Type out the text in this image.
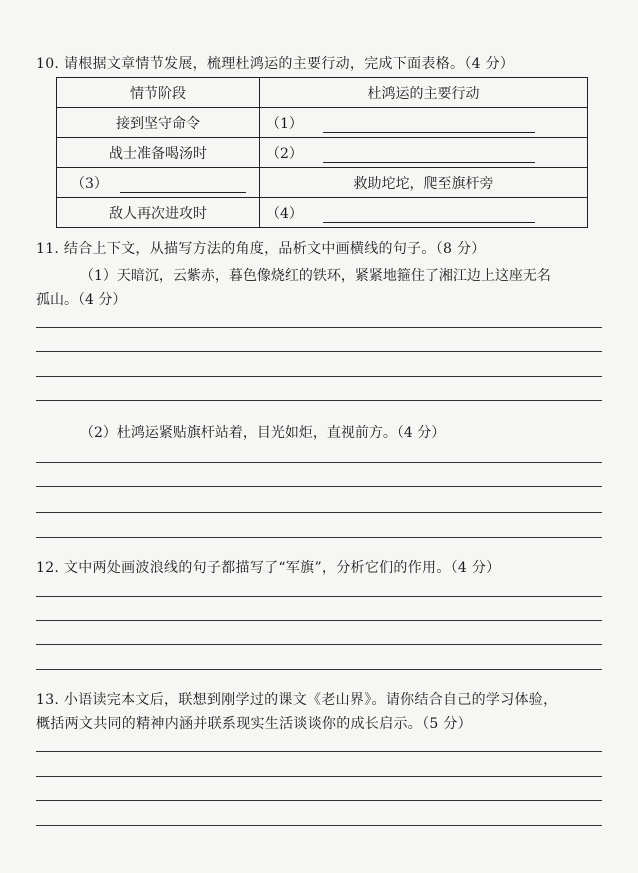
10. 请根据文章情节发展，梳理杜鸿运的主要行动，完成下面表格。（4 分）
情节阶段	杜鸿运的主要行动
接到坚守命令	（1）
战士准备喝汤时	（2）
（3）	救助坨坨，爬至旗杆旁
敌人再次进攻时	（4）
11. 结合上下文，从描写方法的角度，品析文中画横线的句子。（8 分）
（1）天暗沉，云紫赤，暮色像烧红的铁环，紧紧地箍住了湘江边上这座无名
孤山。（4 分）
（2）杜鸿运紧贴旗杆站着，目光如炬，直视前方。（4 分）
12. 文中两处画波浪线的句子都描写了“军旗”，分析它们的作用。（4 分）
13. 小语读完本文后，联想到刚学过的课文《老山界》。请你结合自己的学习体验，
概括两文共同的精神内涵并联系现实生活谈谈你的成长启示。（5 分）
